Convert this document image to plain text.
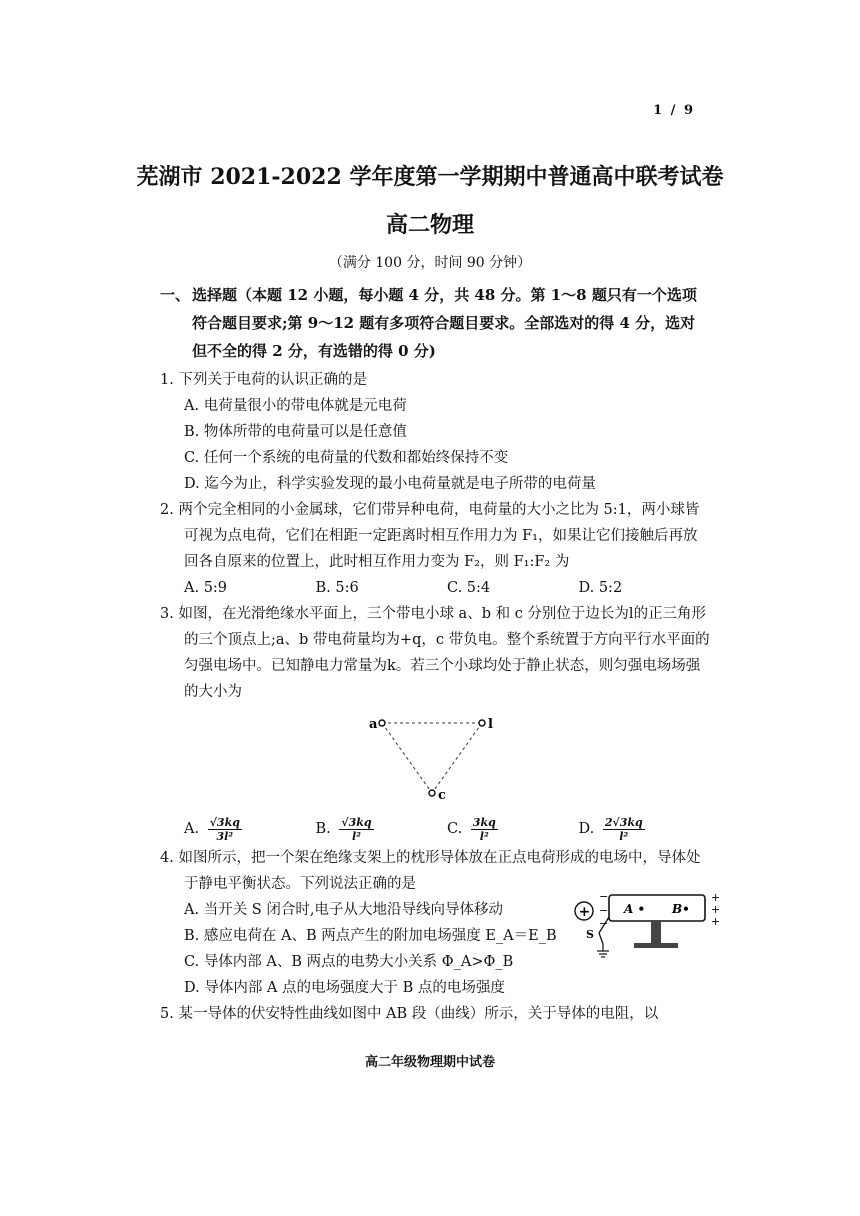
1 / 9
芜湖市 2021-2022 学年度第一学期期中普通高中联考试卷
高二物理
（满分 100 分，时间 90 分钟）
一、 选择题（本题 12 小题，每小题 4 分，共 48 分。第 1～8 题只有一个选项符合题目要求;第 9～12 题有多项符合题目要求。全部选对的得 4 分，选对但不全的得 2 分，有选错的得 0 分)
1. 下列关于电荷的认识正确的是
A. 电荷量很小的带电体就是元电荷
B. 物体所带的电荷量可以是任意值
C. 任何一个系统的电荷量的代数和都始终保持不变
D. 迄今为止，科学实验发现的最小电荷量就是电子所带的电荷量
2. 两个完全相同的小金属球，它们带异种电荷，电荷量的大小之比为 5:1，两小球皆可视为点电荷，它们在相距一定距离时相互作用力为 F₁，如果让它们接触后再放回各自原来的位置上，此时相互作用力变为 F₂，则 F₁:F₂ 为
A. 5:9	B. 5:6	C. 5:4	D. 5:2
3. 如图，在光滑绝缘水平面上，三个带电小球 a、b 和 c 分别位于边长为l的正三角形的三个顶点上;a、b 带电荷量均为+q，c 带负电。整个系统置于方向平行水平面的匀强电场中。已知静电力常量为k。若三个小球均处于静止状态，则匀强电场场强的大小为
a	l
c
A. $\frac{√3kq}{\text{3l²}}$	B. $\frac{√3kq}{\text{l²}}$	C. $\frac{3kq}{\text{l²}}$	D. $\frac{2√3kq}{\text{l²}}$
4. 如图所示，把一个架在绝缘支架上的枕形导体放在正点电荷形成的电场中，导体处于静电平衡状态。下列说法正确的是
A. 当开关 S 闭合时,电子从大地沿导线向导体移动
B. 感应电荷在 A、B 两点产生的附加电场强度 E_A＝E_B
C. 导体内部 A、B 两点的电势大小关系 Φ_A>Φ_B
D. 导体内部 A 点的电场强度大于 B 点的电场强度
+
−
−
−
A • B•
+
+
+
S
5. 某一导体的伏安特性曲线如图中 AB 段（曲线）所示，关于导体的电阻，以
高二年级物理期中试卷
